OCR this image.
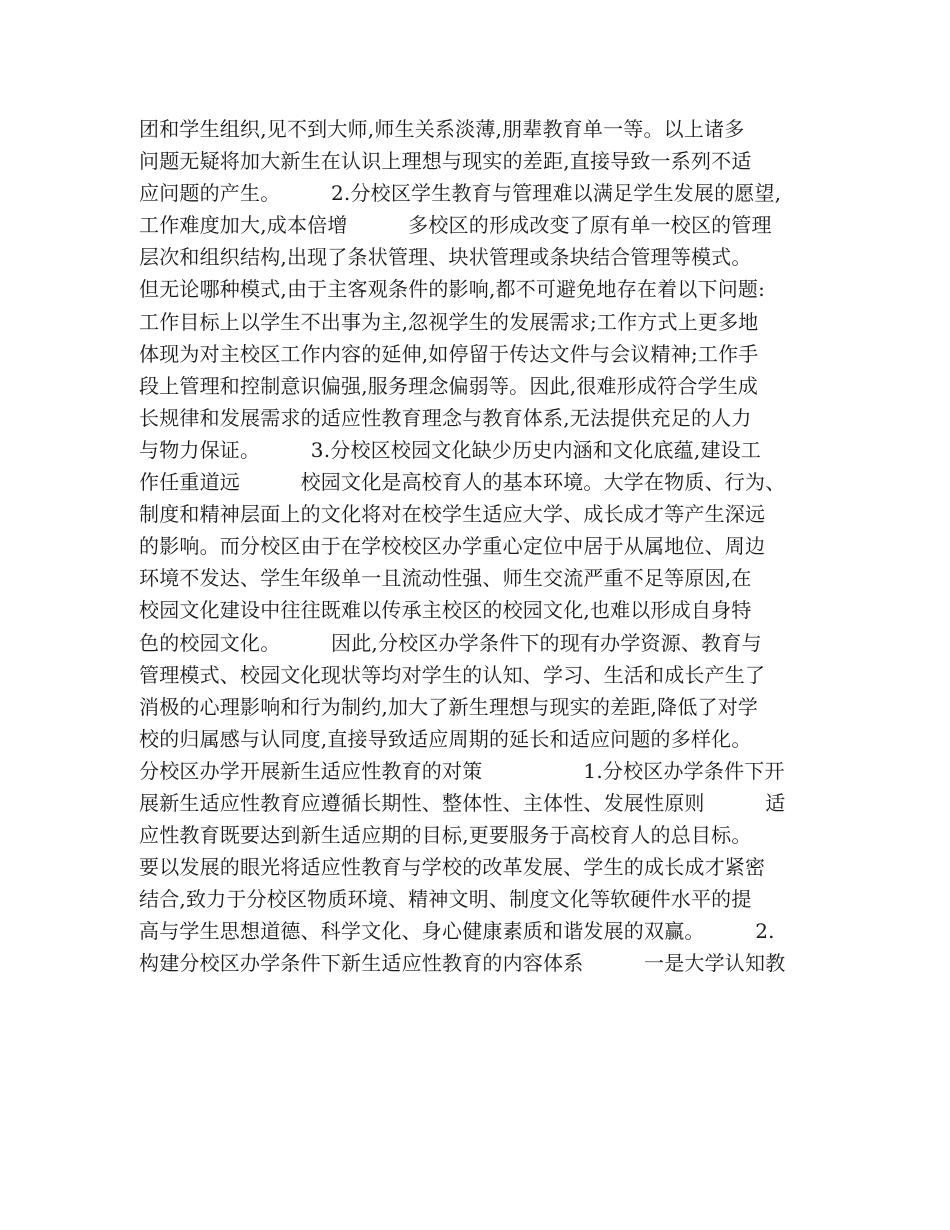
团和学生组织,见不到大师,师生关系淡薄,朋辈教育单一等。以上诸多
问题无疑将加大新生在认识上理想与现实的差距,直接导致一系列不适
应问题的产生。　　　2.分校区学生教育与管理难以满足学生发展的愿望,
工作难度加大,成本倍增　　　多校区的形成改变了原有单一校区的管理
层次和组织结构,出现了条状管理、块状管理或条块结合管理等模式。
但无论哪种模式,由于主客观条件的影响,都不可避免地存在着以下问题:
工作目标上以学生不出事为主,忽视学生的发展需求;工作方式上更多地
体现为对主校区工作内容的延伸,如停留于传达文件与会议精神;工作手
段上管理和控制意识偏强,服务理念偏弱等。因此,很难形成符合学生成
长规律和发展需求的适应性教育理念与教育体系,无法提供充足的人力
与物力保证。　　　3.分校区校园文化缺少历史内涵和文化底蕴,建设工
作任重道远　　　校园文化是高校育人的基本环境。大学在物质、行为、
制度和精神层面上的文化将对在校学生适应大学、成长成才等产生深远
的影响。而分校区由于在学校校区办学重心定位中居于从属地位、周边
环境不发达、学生年级单一且流动性强、师生交流严重不足等原因,在
校园文化建设中往往既难以传承主校区的校园文化,也难以形成自身特
色的校园文化。　　　因此,分校区办学条件下的现有办学资源、教育与
管理模式、校园文化现状等均对学生的认知、学习、生活和成长产生了
消极的心理影响和行为制约,加大了新生理想与现实的差距,降低了对学
校的归属感与认同度,直接导致适应周期的延长和适应问题的多样化。
分校区办学开展新生适应性教育的对策　　　　　1.分校区办学条件下开
展新生适应性教育应遵循长期性、整体性、主体性、发展性原则　　　适
应性教育既要达到新生适应期的目标,更要服务于高校育人的总目标。
要以发展的眼光将适应性教育与学校的改革发展、学生的成长成才紧密
结合,致力于分校区物质环境、精神文明、制度文化等软硬件水平的提
高与学生思想道德、科学文化、身心健康素质和谐发展的双赢。　　　2.
构建分校区办学条件下新生适应性教育的内容体系　　　一是大学认知教
